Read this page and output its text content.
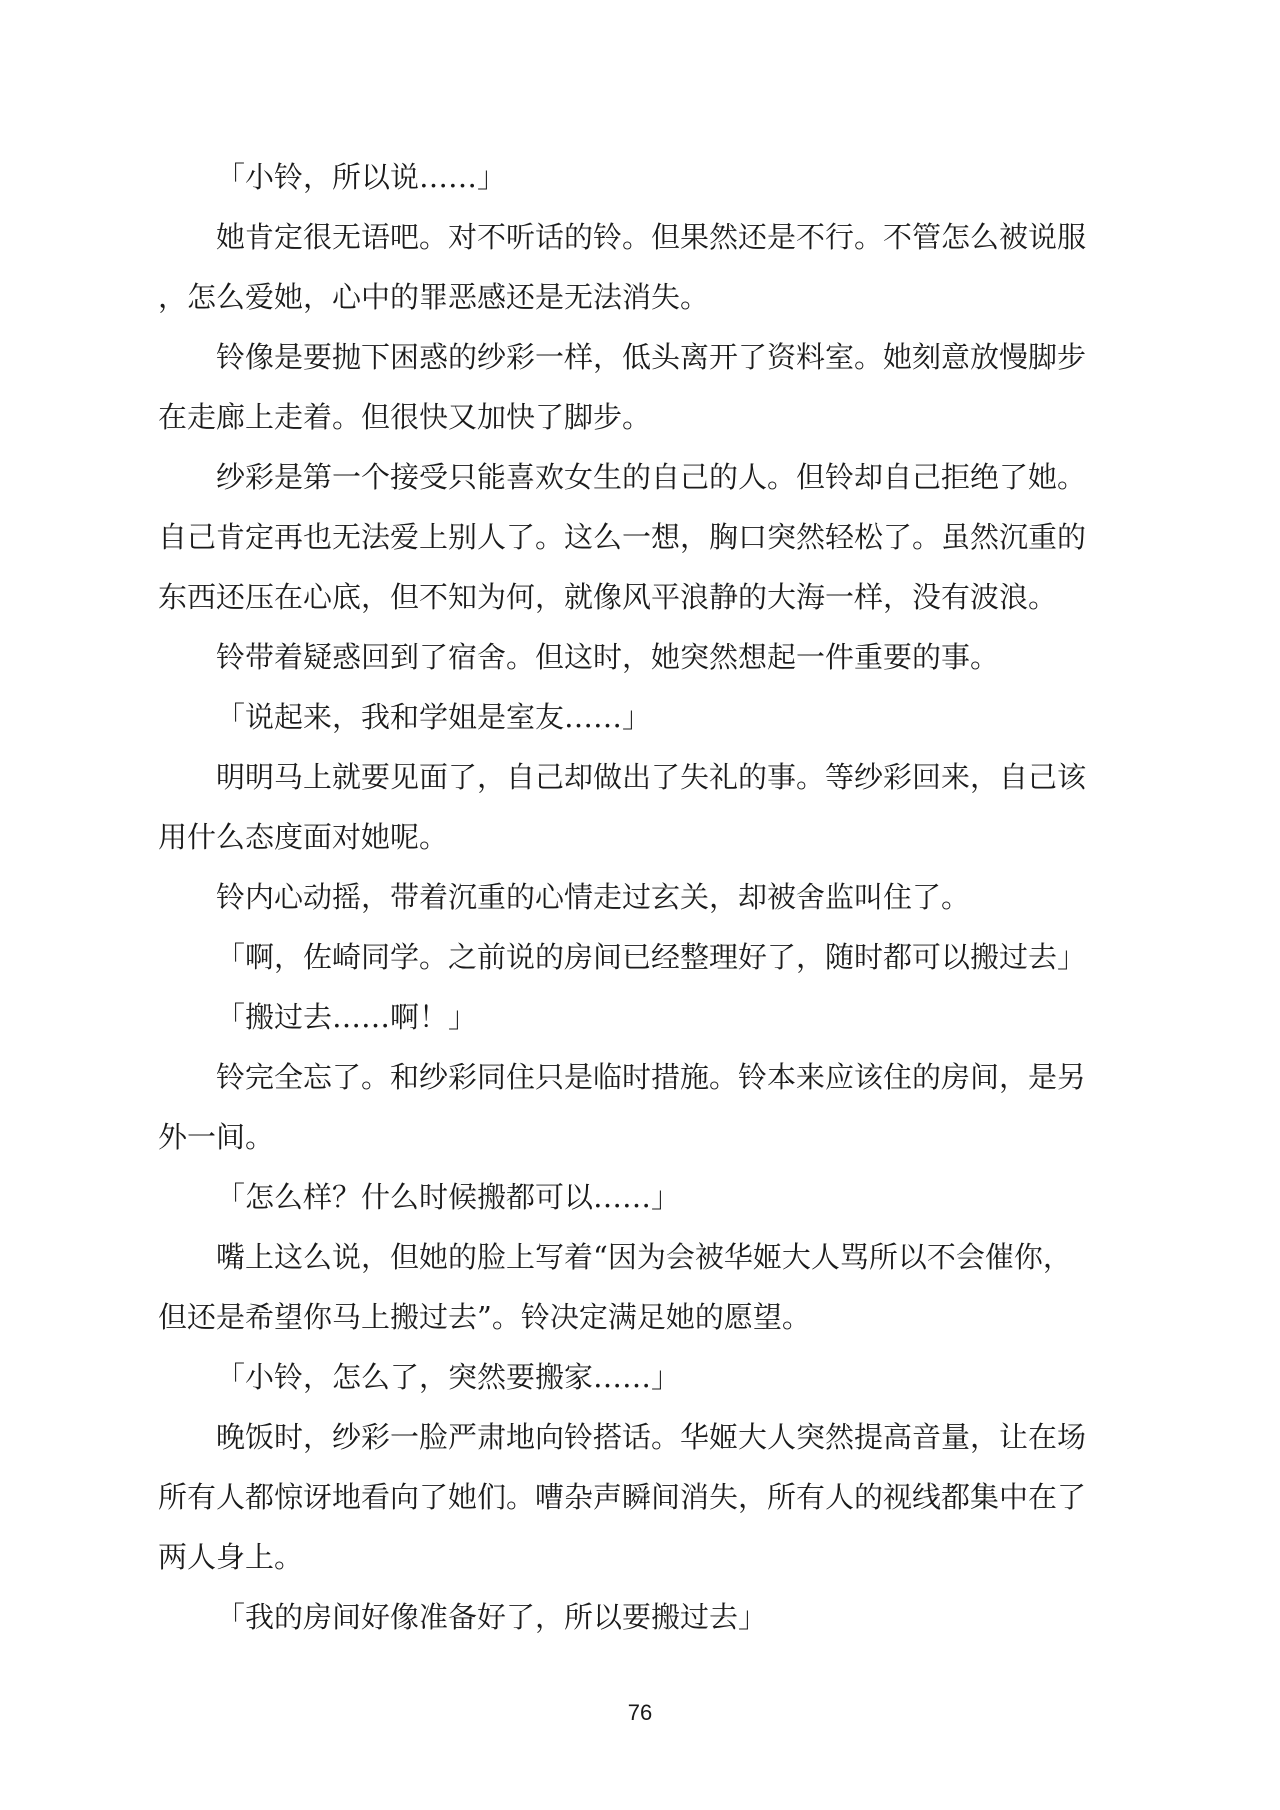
「小铃，所以说……」

她肯定很无语吧。对不听话的铃。但果然还是不行。不管怎么被说服
，怎么爱她，心中的罪恶感还是无法消失。

铃像是要抛下困惑的纱彩一样，低头离开了资料室。她刻意放慢脚步
在走廊上走着。但很快又加快了脚步。

纱彩是第一个接受只能喜欢女生的自己的人。但铃却自己拒绝了她。
自己肯定再也无法爱上别人了。这么一想，胸口突然轻松了。虽然沉重的
东西还压在心底，但不知为何，就像风平浪静的大海一样，没有波浪。

铃带着疑惑回到了宿舍。但这时，她突然想起一件重要的事。

「说起来，我和学姐是室友……」

明明马上就要见面了，自己却做出了失礼的事。等纱彩回来，自己该
用什么态度面对她呢。

铃内心动摇，带着沉重的心情走过玄关，却被舍监叫住了。

「啊，佐崎同学。之前说的房间已经整理好了，随时都可以搬过去」

「搬过去……啊！」

铃完全忘了。和纱彩同住只是临时措施。铃本来应该住的房间，是另
外一间。

「怎么样？什么时候搬都可以……」

嘴上这么说，但她的脸上写着“因为会被华姬大人骂所以不会催你，
但还是希望你马上搬过去”。铃决定满足她的愿望。

「小铃，怎么了，突然要搬家……」

晚饭时，纱彩一脸严肃地向铃搭话。华姬大人突然提高音量，让在场
所有人都惊讶地看向了她们。嘈杂声瞬间消失，所有人的视线都集中在了
两人身上。

「我的房间好像准备好了，所以要搬过去」

76
